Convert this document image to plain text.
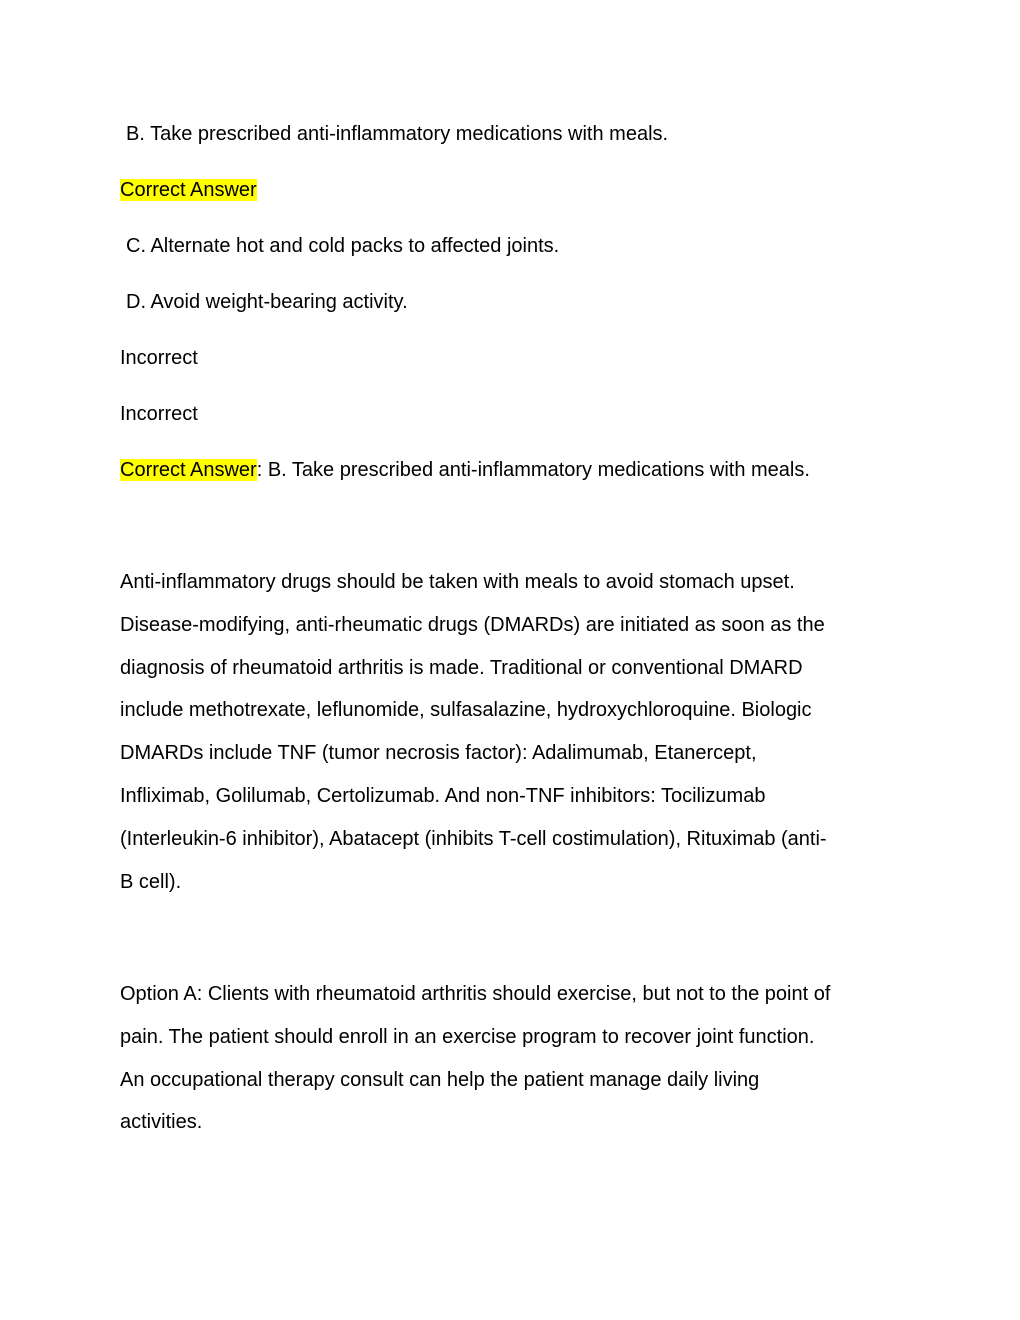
B. Take prescribed anti-inflammatory medications with meals.
Correct Answer
C. Alternate hot and cold packs to affected joints.
D. Avoid weight-bearing activity.
Incorrect
Incorrect
Correct Answer: B. Take prescribed anti-inflammatory medications with meals.
Anti-inflammatory drugs should be taken with meals to avoid stomach upset.
Disease-modifying, anti-rheumatic drugs (DMARDs) are initiated as soon as the
diagnosis of rheumatoid arthritis is made. Traditional or conventional DMARD
include methotrexate, leflunomide, sulfasalazine, hydroxychloroquine. Biologic
DMARDs include TNF (tumor necrosis factor): Adalimumab, Etanercept,
Infliximab, Golilumab, Certolizumab. And non-TNF inhibitors: Tocilizumab
(Interleukin-6 inhibitor), Abatacept (inhibits T-cell costimulation), Rituximab (anti-
B cell).
Option A: Clients with rheumatoid arthritis should exercise, but not to the point of
pain. The patient should enroll in an exercise program to recover joint function.
An occupational therapy consult can help the patient manage daily living
activities.
